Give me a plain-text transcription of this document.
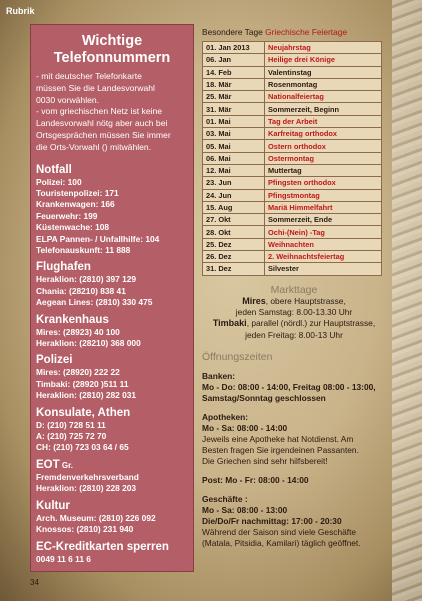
Rubrik
34
Wichtige
Telefonnummern
- mit deutscher Telefonkarte
müssen Sie die Landesvorwahl
0030 vorwählen.
- vom griechischen Netz ist keine
Landesvorwahl nötg aber auch bei
Ortsgesprächen müssen Sie immer
die Orts-Vorwahl () mitwählen.
Notfall
Polizei: 100
Touristenpolizei: 171
Krankenwagen: 166
Feuerwehr: 199
Küstenwache: 108
ELPA Pannen- / Unfallhilfe: 104
Telefonauskunft: 11 888
Flughafen
Heraklion: (2810) 397 129
Chania: (28210) 838 41
Aegean Lines: (2810) 330 475
Krankenhaus
Mires: (28923) 40 100
Heraklion: (28210) 368 000
Polizei
Mires: (28920) 222 22
Timbaki: (28920 )511 11
Heraklion: (2810) 282 031
Konsulate, Athen
D: (210) 728 51 11
A: (210) 725 72 70
CH: (210) 723 03 64 / 65
EOT Gr.
Fremdenverkehrsverband
Heraklion: (2810) 228 203
Kultur
Arch. Museum: (2810) 226 092
Knossos: (2810) 231 940
EC-Kreditkarten sperren
0049 11 6 11 6
Besondere Tage Griechische Feiertage
01. Jan 2013	Neujahrstag
06. Jan	Heilige drei Könige
14. Feb	Valentinstag
18. Mär	Rosenmontag
25. Mär	Nationalfeiertag
31. Mär	Sommerzeit, Beginn
01. Mai	Tag der Arbeit
03. Mai	Karfreitag orthodox
05. Mai	Ostern orthodox
06. Mai	Ostermontag
12. Mai	Muttertag
23. Jun	Pfingsten orthodox
24. Jun	Pfingstmontag
15. Aug	Mariä Himmelfahrt
27. Okt	Sommerzeit, Ende
28. Okt	Ochi-(Nein) -Tag
25. Dez	Weihnachten
26. Dez	2. Weihnachtsfeiertag
31. Dez	Silvester
Markttage
Mires, obere Hauptstrasse,
jeden Samstag: 8.00-13.30 Uhr
Timbaki, parallel (nördl.) zur Hauptstrasse,
jeden Freitag: 8.00-13 Uhr
Öffnungszeiten
Banken:
Mo - Do: 08:00 - 14:00, Freitag 08:00 - 13:00,
Samstag/Sonntag geschlossen
Apotheken:
Mo - Sa: 08:00 - 14:00
Jeweils eine Apotheke hat Notdienst. Am
Besten fragen Sie irgendeinen Passanten.
Die Griechen sind sehr hilfsbereit!
Post: Mo - Fr: 08:00 - 14:00
Geschäfte :
Mo - Sa: 08:00 - 13:00
Die/Do/Fr nachmittag: 17:00 - 20:30
Während der Saison sind viele Geschäfte
(Matala, Pitsidia, Kamilari) täglich geöffnet.
